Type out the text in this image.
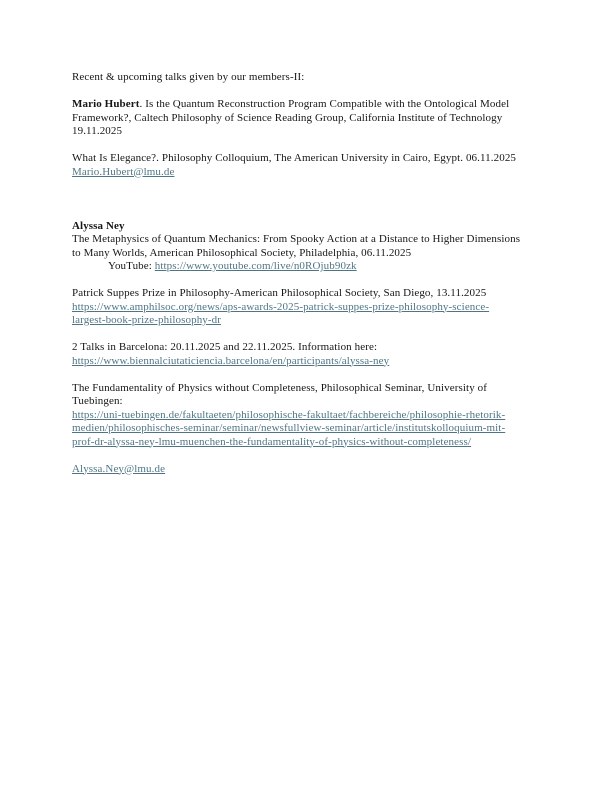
Recent & upcoming talks given by our members-II:
Mario Hubert. Is the Quantum Reconstruction Program Compatible with the Ontological Model
Framework?, Caltech Philosophy of Science Reading Group, California Institute of Technology
19.11.2025
What Is Elegance?. Philosophy Colloquium, The American University in Cairo, Egypt. 06.11.2025
Mario.Hubert@lmu.de
Alyssa Ney
The Metaphysics of Quantum Mechanics: From Spooky Action at a Distance to Higher Dimensions
to Many Worlds, American Philosophical Society, Philadelphia, 06.11.2025
YouTube: https://www.youtube.com/live/n0ROjub90zk
Patrick Suppes Prize in Philosophy-American Philosophical Society, San Diego, 13.11.2025
https://www.amphilsoc.org/news/aps-awards-2025-patrick-suppes-prize-philosophy-science-
largest-book-prize-philosophy-dr
2 Talks in Barcelona: 20.11.2025 and 22.11.2025. Information here:
https://www.biennalciutaticiencia.barcelona/en/participants/alyssa-ney
The Fundamentality of Physics without Completeness, Philosophical Seminar, University of
Tuebingen:
https://uni-tuebingen.de/fakultaeten/philosophische-fakultaet/fachbereiche/philosophie-rhetorik-
medien/philosophisches-seminar/seminar/newsfullview-seminar/article/institutskolloquium-mit-
prof-dr-alyssa-ney-lmu-muenchen-the-fundamentality-of-physics-without-completeness/
Alyssa.Ney@lmu.de
